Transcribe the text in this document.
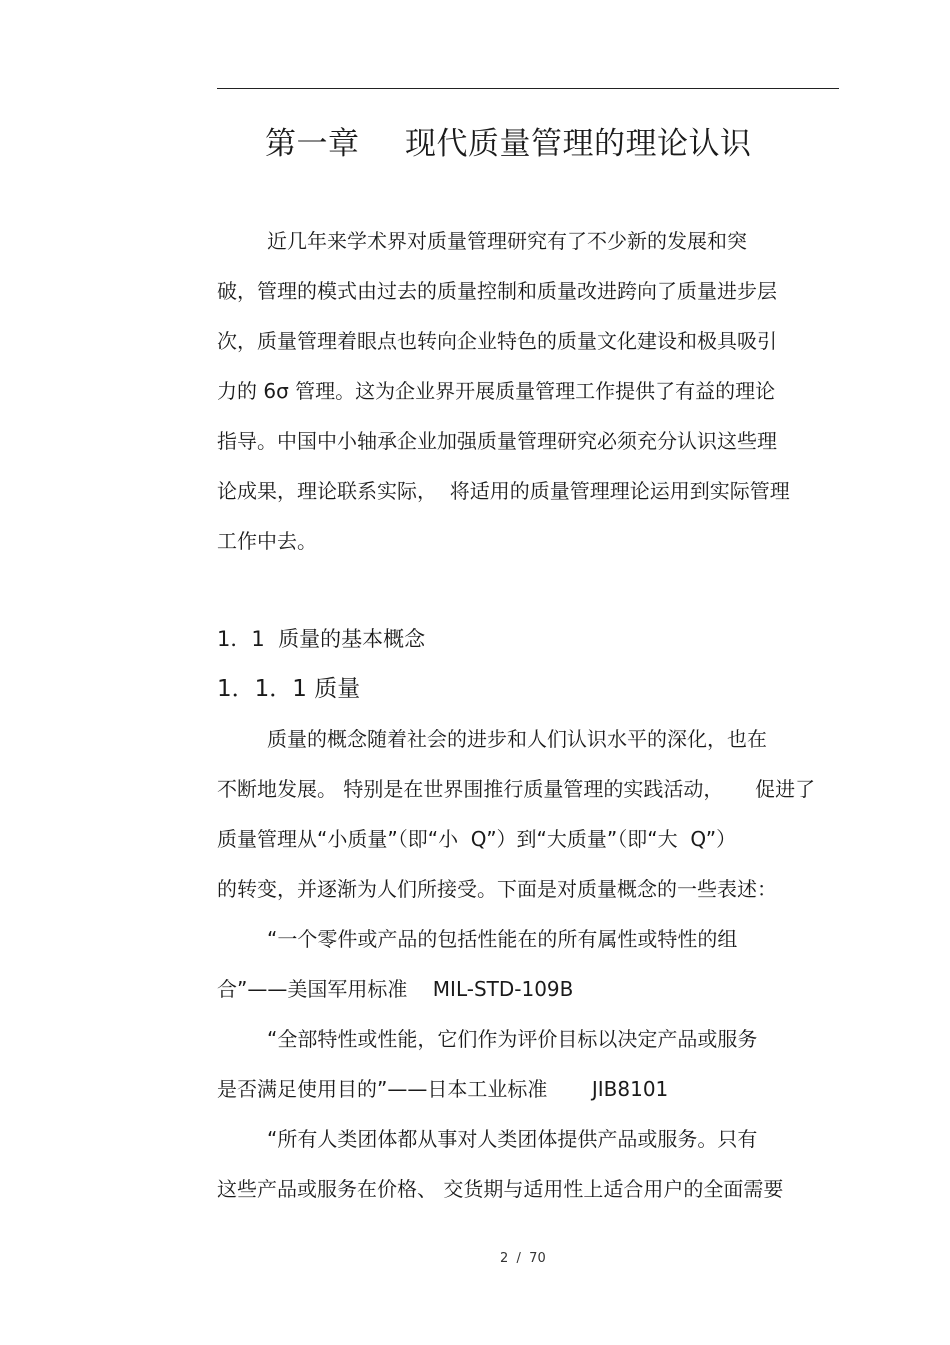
第一章 现代质量管理的理论认识
近几年来学术界对质量管理研究有了不少新的发展和突
破，管理的模式由过去的质量控制和质量改进跨向了质量进步层
次，质量管理着眼点也转向企业特色的质量文化建设和极具吸引
力的 6σ 管理。这为企业界开展质量管理工作提供了有益的理论
指导。中国中小轴承企业加强质量管理研究必须充分认识这些理
论成果，理论联系实际，  将适用的质量管理理论运用到实际管理
工作中去。
1．1  质量的基本概念
1．1．1 质量
质量的概念随着社会的进步和人们认识水平的深化，也在
不断地发展。 特别是在世界围推行质量管理的实践活动，     促进了
质量管理从“小质量”（即“小  Q”）到“大质量”（即“大  Q”）
的转变，并逐渐为人们所接受。下面是对质量概念的一些表述：
“一个零件或产品的包括性能在的所有属性或特性的组
合”——美国军用标准    MIL-STD-109B
“全部特性或性能，它们作为评价目标以决定产品或服务
是否满足使用目的”——日本工业标准       JIB8101
“所有人类团体都从事对人类团体提供产品或服务。只有
这些产品或服务在价格、 交货期与适用性上适合用户的全面需要
2  /  70
